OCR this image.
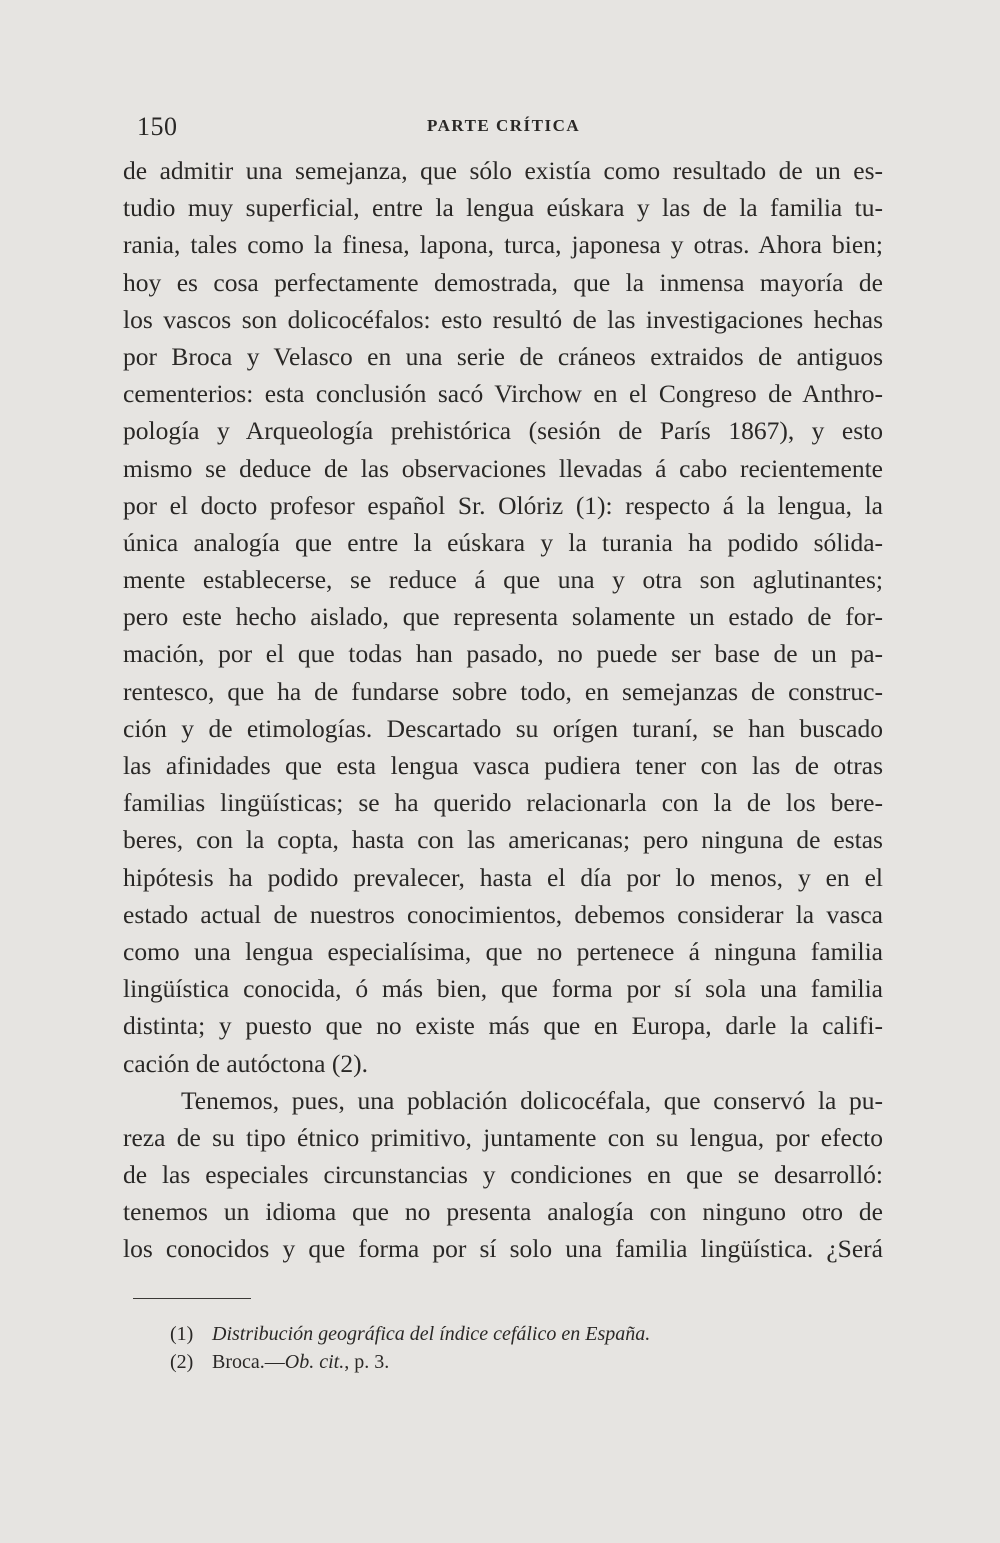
150	PARTE CRÍTICA
de admitir una semejanza, que sólo existía como resultado de un es-
tudio muy superficial, entre la lengua eúskara y las de la familia tu-
rania, tales como la finesa, lapona, turca, japonesa y otras. Ahora bien;
hoy es cosa perfectamente demostrada, que la inmensa mayoría de
los vascos son dolicocéfalos: esto resultó de las investigaciones hechas
por Broca y Velasco en una serie de cráneos extraidos de antiguos
cementerios: esta conclusión sacó Virchow en el Congreso de Anthro-
pología y Arqueología prehistórica (sesión de París 1867), y esto
mismo se deduce de las observaciones llevadas á cabo recientemente
por el docto profesor español Sr. Olóriz (1): respecto á la lengua, la
única analogía que entre la eúskara y la turania ha podido sólida-
mente establecerse, se reduce á que una y otra son aglutinantes;
pero este hecho aislado, que representa solamente un estado de for-
mación, por el que todas han pasado, no puede ser base de un pa-
rentesco, que ha de fundarse sobre todo, en semejanzas de construc-
ción y de etimologías. Descartado su orígen turaní, se han buscado
las afinidades que esta lengua vasca pudiera tener con las de otras
familias lingüísticas; se ha querido relacionarla con la de los bere-
beres, con la copta, hasta con las americanas; pero ninguna de estas
hipótesis ha podido prevalecer, hasta el día por lo menos, y en el
estado actual de nuestros conocimientos, debemos considerar la vasca
como una lengua especialísima, que no pertenece á ninguna familia
lingüística conocida, ó más bien, que forma por sí sola una familia
distinta; y puesto que no existe más que en Europa, darle la califi-
cación de autóctona (2).
Tenemos, pues, una población dolicocéfala, que conservó la pu-
reza de su tipo étnico primitivo, juntamente con su lengua, por efecto
de las especiales circunstancias y condiciones en que se desarrolló:
tenemos un idioma que no presenta analogía con ninguno otro de
los conocidos y que forma por sí solo una familia lingüística. ¿Será
(1) Distribución geográfica del índice cefálico en España.
(2) Broca.—Ob. cit., p. 3.
